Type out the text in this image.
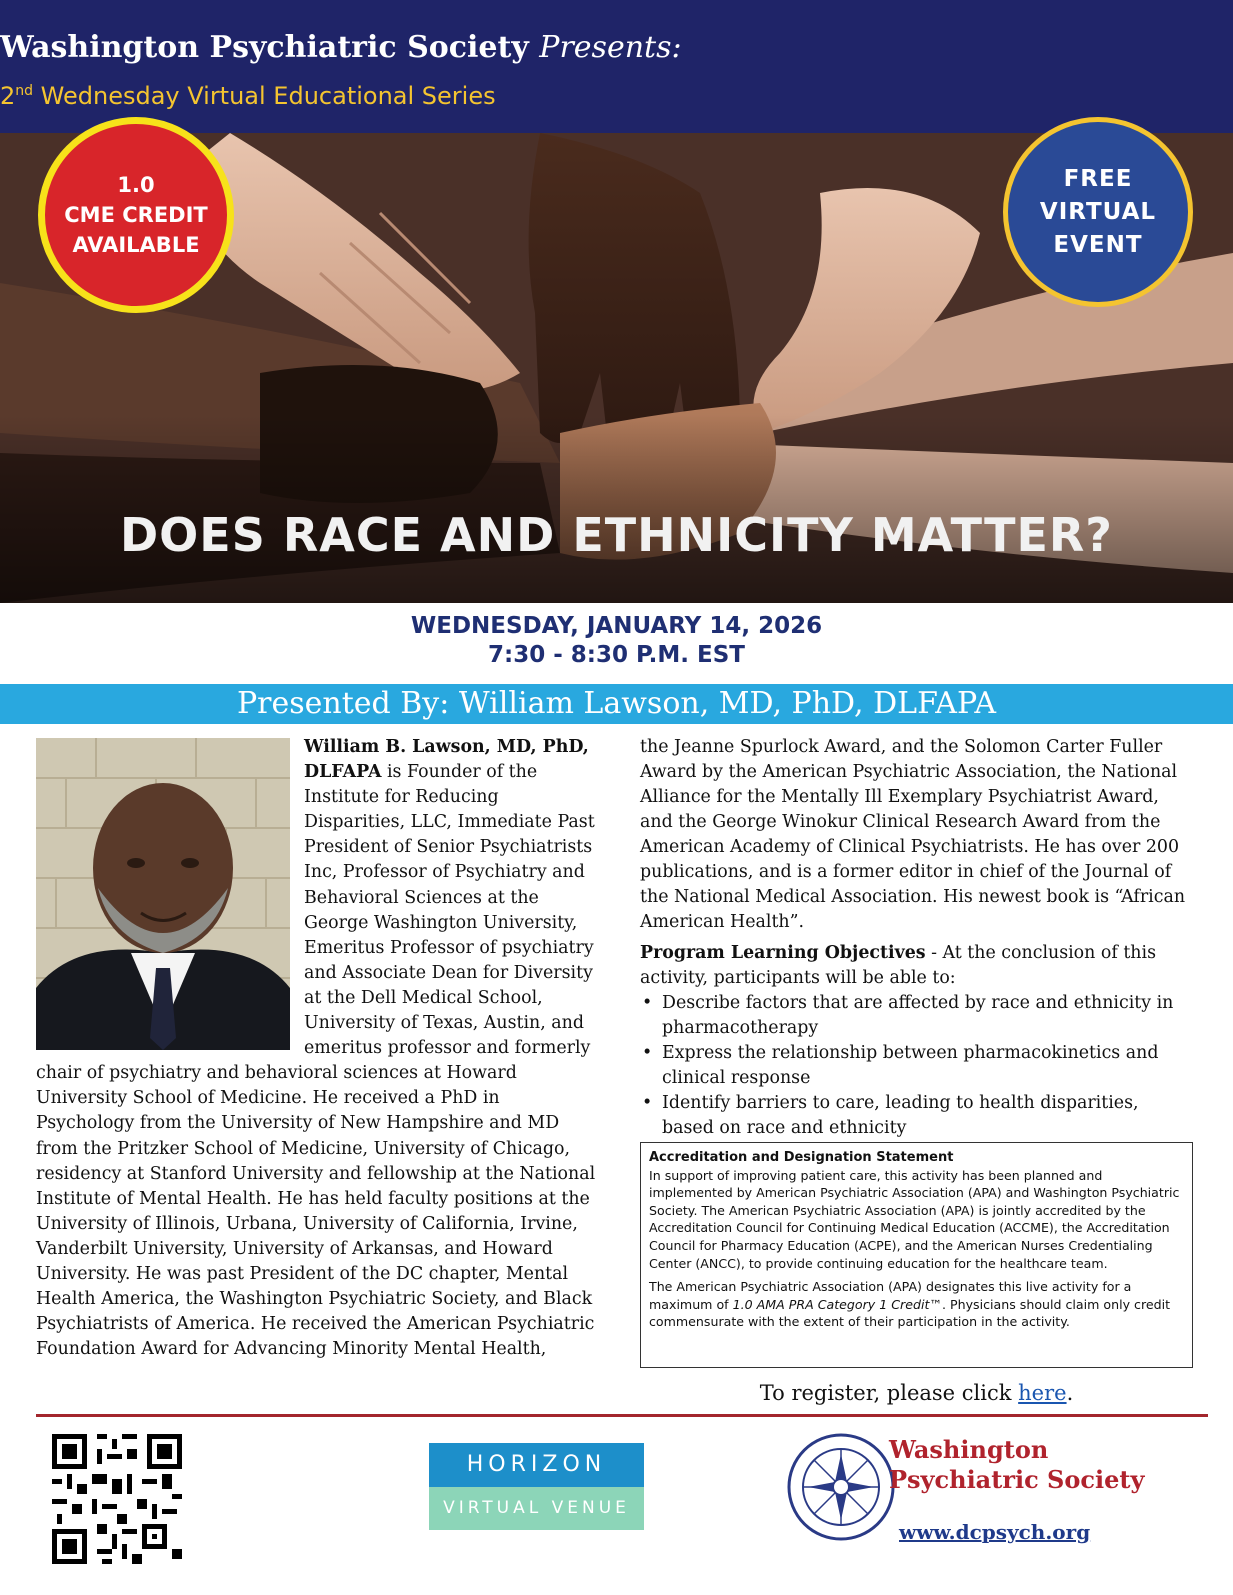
Washington Psychiatric Society Presents:
2nd Wednesday Virtual Educational Series
1.0
CME CREDIT
AVAILABLE
FREE
VIRTUAL
EVENT
DOES RACE AND ETHNICITY MATTER?
WEDNESDAY, JANUARY 14, 2026
7:30 - 8:30 P.M. EST
Presented By: William Lawson, MD, PhD, DLFAPA
William B. Lawson, MD, PhD, DLFAPA is Founder of the Institute for Reducing Disparities, LLC, Immediate Past President of Senior Psychiatrists Inc, Professor of Psychiatry and Behavioral Sciences at the George Washington University, Emeritus Professor of psychiatry and Associate Dean for Diversity at the Dell Medical School, University of Texas, Austin, and emeritus professor and formerly chair of psychiatry and behavioral sciences at Howard University School of Medicine. He received a PhD in Psychology from the University of New Hampshire and MD from the Pritzker School of Medicine, University of Chicago, residency at Stanford University and fellowship at the National Institute of Mental Health. He has held faculty positions at the University of Illinois, Urbana, University of California, Irvine, Vanderbilt University, University of Arkansas, and Howard University. He was past President of the DC chapter, Mental Health America, the Washington Psychiatric Society, and Black Psychiatrists of America. He received the American Psychiatric Foundation Award for Advancing Minority Mental Health,
the Jeanne Spurlock Award, and the Solomon Carter Fuller Award by the American Psychiatric Association, the National Alliance for the Mentally Ill Exemplary Psychiatrist Award, and the George Winokur Clinical Research Award from the American Academy of Clinical Psychiatrists. He has over 200 publications, and is a former editor in chief of the Journal of the National Medical Association. His newest book is “African American Health”.
Program Learning Objectives - At the conclusion of this activity, participants will be able to:
• Describe factors that are affected by race and ethnicity in pharmacotherapy
• Express the relationship between pharmacokinetics and clinical response
• Identify barriers to care, leading to health disparities, based on race and ethnicity
Accreditation and Designation Statement

In support of improving patient care, this activity has been planned and implemented by American Psychiatric Association (APA) and Washington Psychiatric Society. The American Psychiatric Association (APA) is jointly accredited by the Accreditation Council for Continuing Medical Education (ACCME), the Accreditation Council for Pharmacy Education (ACPE), and the American Nurses Credentialing Center (ANCC), to provide continuing education for the healthcare team.

The American Psychiatric Association (APA) designates this live activity for a maximum of 1.0 AMA PRA Category 1 Credit™. Physicians should claim only credit commensurate with the extent of their participation in the activity.

To register, please click here.
HORIZON
VIRTUAL VENUE
Washington
Psychiatric Society
www.dcpsych.org
